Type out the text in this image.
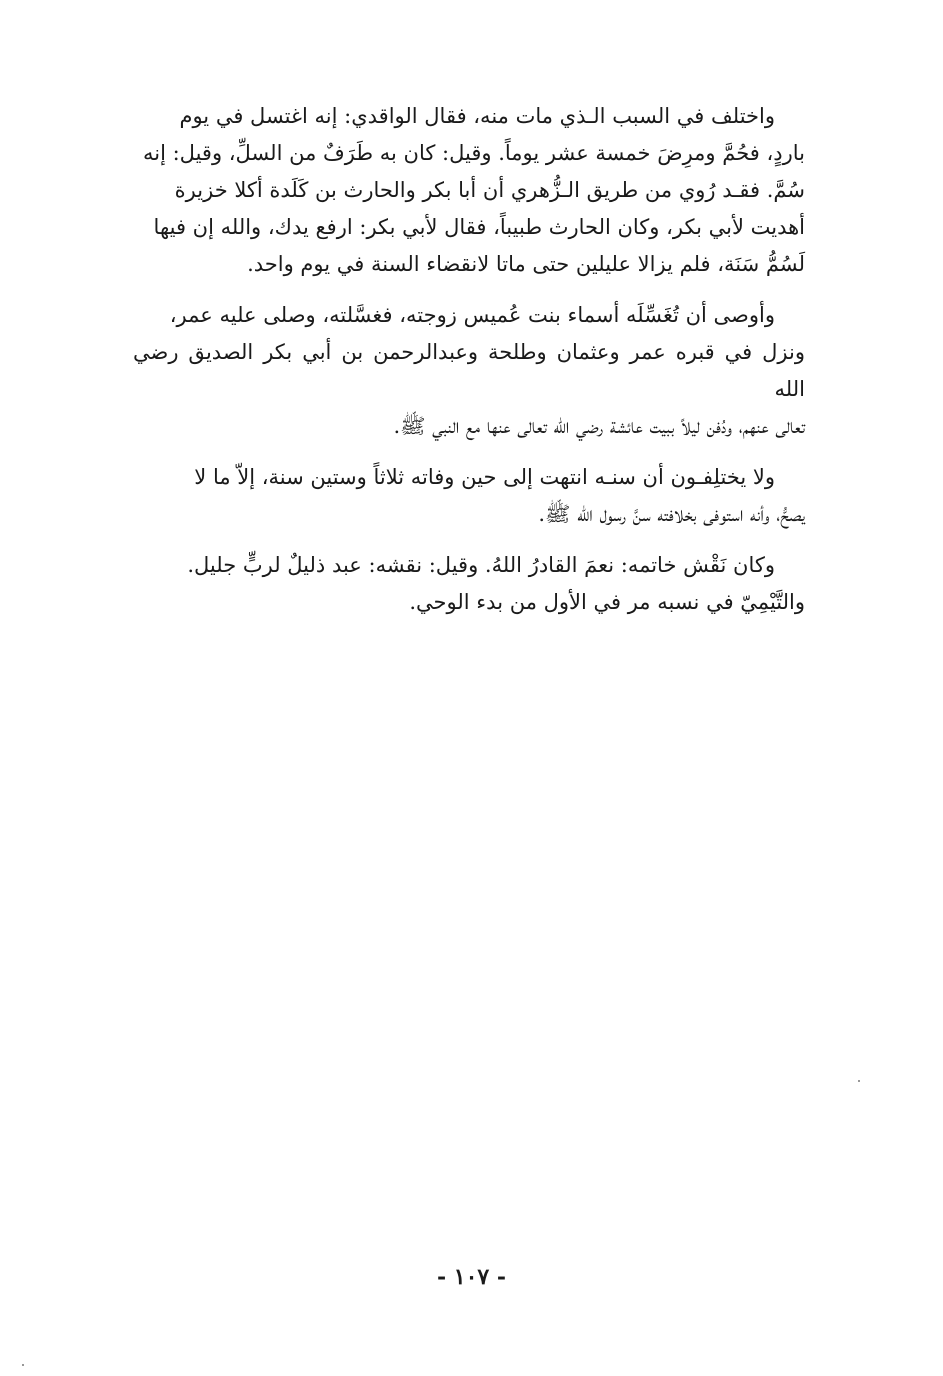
واختلف في السبب الـذي مات منه، فقال الواقدي: إنه اغتسل في يوم
باردٍ، فحُمَّ ومرِضَ خمسة عشر يوماً. وقيل: كان به طَرَفٌ من السلِّ، وقيل: إنه
سُمَّ. فقـد رُوي من طريق الـزُّهري أن أبا بكر والحارث بن كَلَدة أكلا خزيرة
أهديت لأبي بكر، وكان الحارث طبيباً، فقال لأبي بكر: ارفع يدك، والله إن فيها
لَسُمُّ سَنَة، فلم يزالا عليلين حتى ماتا لانقضاء السنة في يوم واحد.

وأوصى أن تُغَسِّلَه أسماء بنت عُميس زوجته، فغسَّلته، وصلى عليه عمر،
ونزل في قبره عمر وعثمان وطلحة وعبدالرحمن بن أبي بكر الصديق رضي الله
تعالى عنهم، ودُفن ليلاً ببيت عائشة رضي الله تعالى عنها مع النبي ﷺ.

ولا يختلِفـون أن سنـه انتهت إلى حين وفاته ثلاثاً وستين سنة، إلاّ ما لا
يصحُّ، وأنه استوفى بخلافته سنَّ رسول الله ﷺ.

وكان نَقْش خاتمه: نعمَ القادرُ اللهُ. وقيل: نقشه: عبد ذليلٌ لربٍّ جليل.
والتَّيْمِيّ في نسبه مر في الأول من بدء الوحي.

- ١٠٧ -
